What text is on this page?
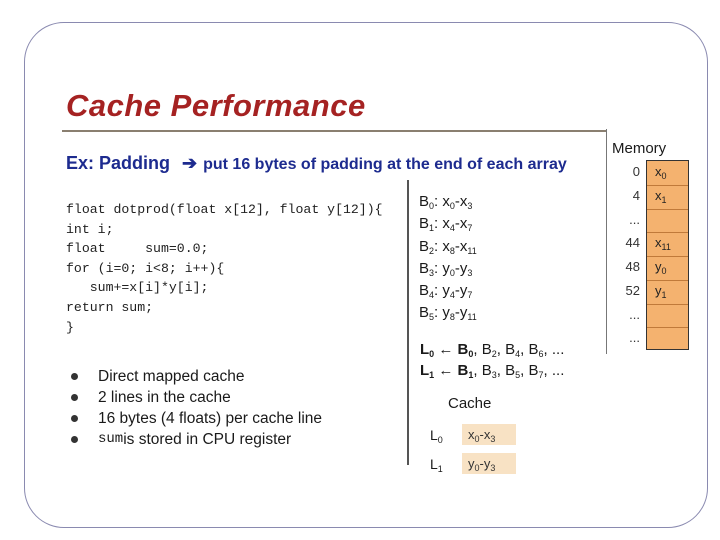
Cache Performance
Ex: Padding ➔ put 16 bytes of padding at the end of each array
float dotprod(float x[12], float y[12]){
int i;
float     sum=0.0;
for (i=0; i<8; i++){
sum+=x[i]*y[i];
return sum;
}
Direct mapped cache
2 lines in the cache
16 bytes (4 floats) per cache line
sum is stored in CPU register
$B_0$: $x_0-x_3$
$B_1$: $x_4-x_7$
$B_2$: $x_8-x_{11}$
$B_3$: $y_0-y_3$
$B_4$: $y_4-y_7$
$B_5$: $y_8-y_{11}$
$L_0$ ← $B_0$, $B_2$, $B_4$, $B_6$, ...
$L_1$ ← $B_1$, $B_3$, $B_5$, $B_7$, ...
Cache
$L_0$	$x_0-x_3$
$L_1$	$y_0-y_3$
Memory
0 $x_0$
4 $x_1$
...
44 $x_{11}$
48 $y_0$
52 $y_1$
...
...
